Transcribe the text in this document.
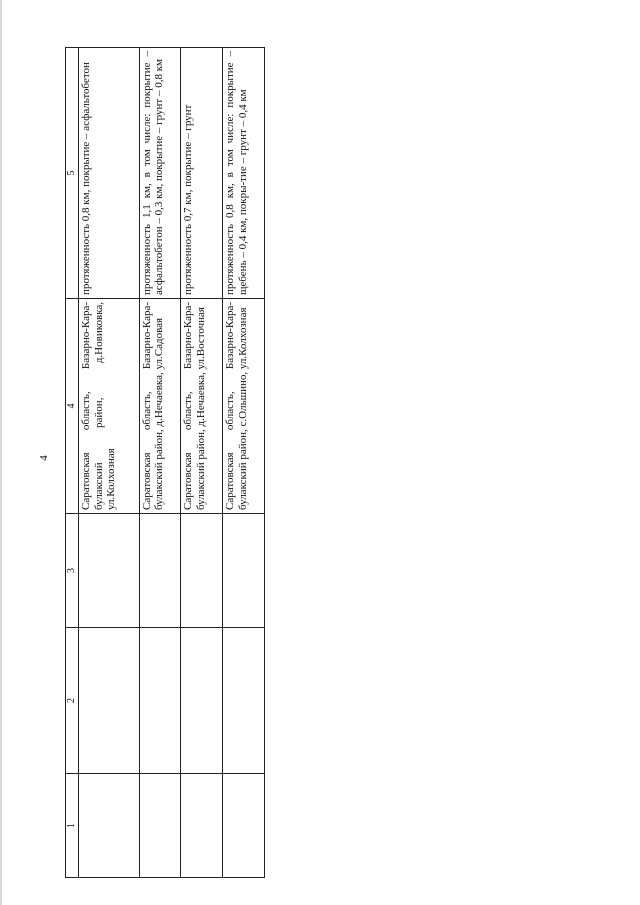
4
1	2	3	4	5
			Саратовская область, Базарно-Кара-булакский район, д.Новиковка, ул.Колхозная	протяженность 0,8 км, покрытие – асфальтобетон
			Саратовская область, Базарно-Кара-булакский район, д.Нечаевка, ул.Садовая	протяженность 1,1 км, в том числе: покрытие – асфальтобетон – 0,3 км, покрытие – грунт – 0,8 км
			Саратовская область, Базарно-Кара-булакский район, д.Нечаевка, ул.Восточная	протяженность 0,7 км, покрытие – грунт
			Саратовская область, Базарно-Кара-булакский район, с.Ольшино, ул.Колхозная	протяженность 0,8 км, в том числе: покрытие – щебень – 0,4 км, покры-тие – грунт – 0,4 км
